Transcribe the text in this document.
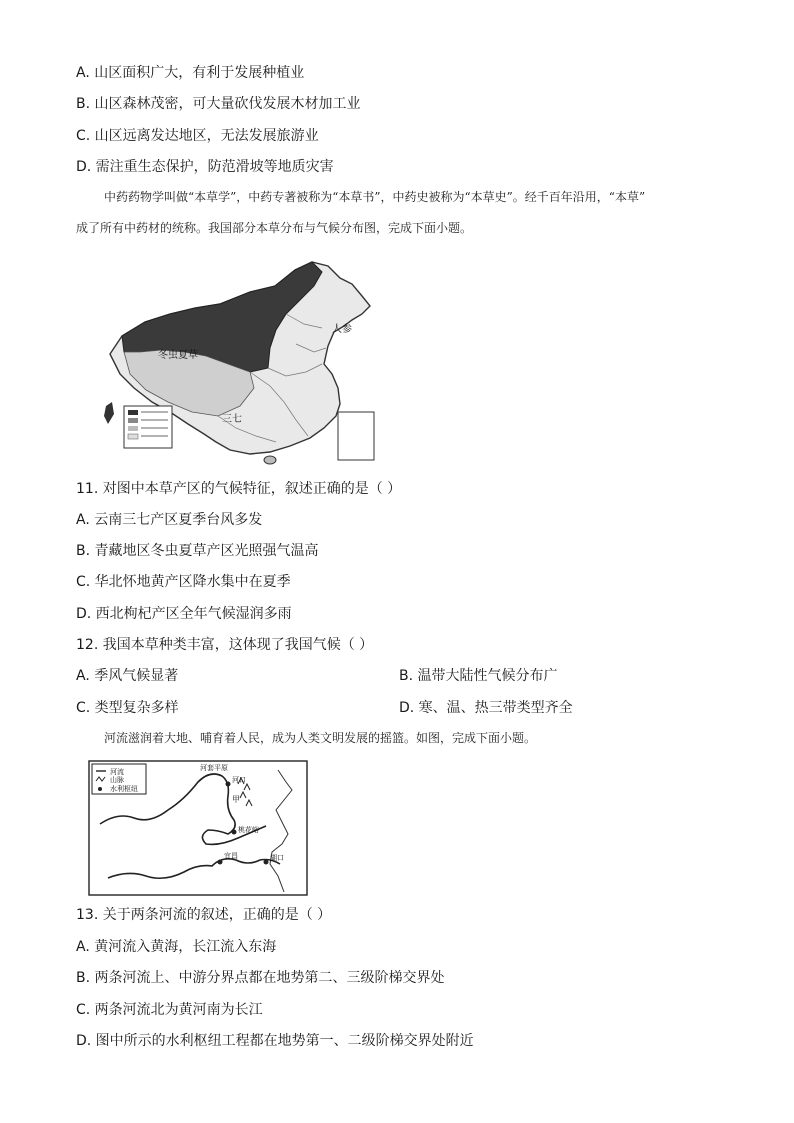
A. 山区面积广大，有利于发展种植业
B. 山区森林茂密，可大量砍伐发展木材加工业
C. 山区远离发达地区，无法发展旅游业
D. 需注重生态保护，防范滑坡等地质灾害
中药药物学叫做“本草学”，中药专著被称为“本草书”，中药史被称为“本草史”。经千百年沿用，“本草”
成了所有中药材的统称。我国部分本草分布与气候分布图，完成下面小题。
人参
冬虫夏草
三七
11. 对图中本草产区的气候特征，叙述正确的是（ ）
A. 云南三七产区夏季台风多发
B. 青藏地区冬虫夏草产区光照强气温高
C. 华北怀地黄产区降水集中在夏季
D. 西北枸杞产区全年气候湿润多雨
12. 我国本草种类丰富，这体现了我国气候（ ）
A. 季风气候显著	B. 温带大陆性气候分布广
C. 类型复杂多样	D. 寒、温、热三带类型齐全
河流滋润着大地、哺育着人民，成为人类文明发展的摇篮。如图，完成下面小题。
河流
山脉
水利枢纽
河套平原
河口
甲
桃花峪
宜昌	湖口
13. 关于两条河流的叙述，正确的是（ ）
A. 黄河流入黄海，长江流入东海
B. 两条河流上、中游分界点都在地势第二、三级阶梯交界处
C. 两条河流北为黄河南为长江
D. 图中所示的水利枢纽工程都在地势第一、二级阶梯交界处附近
